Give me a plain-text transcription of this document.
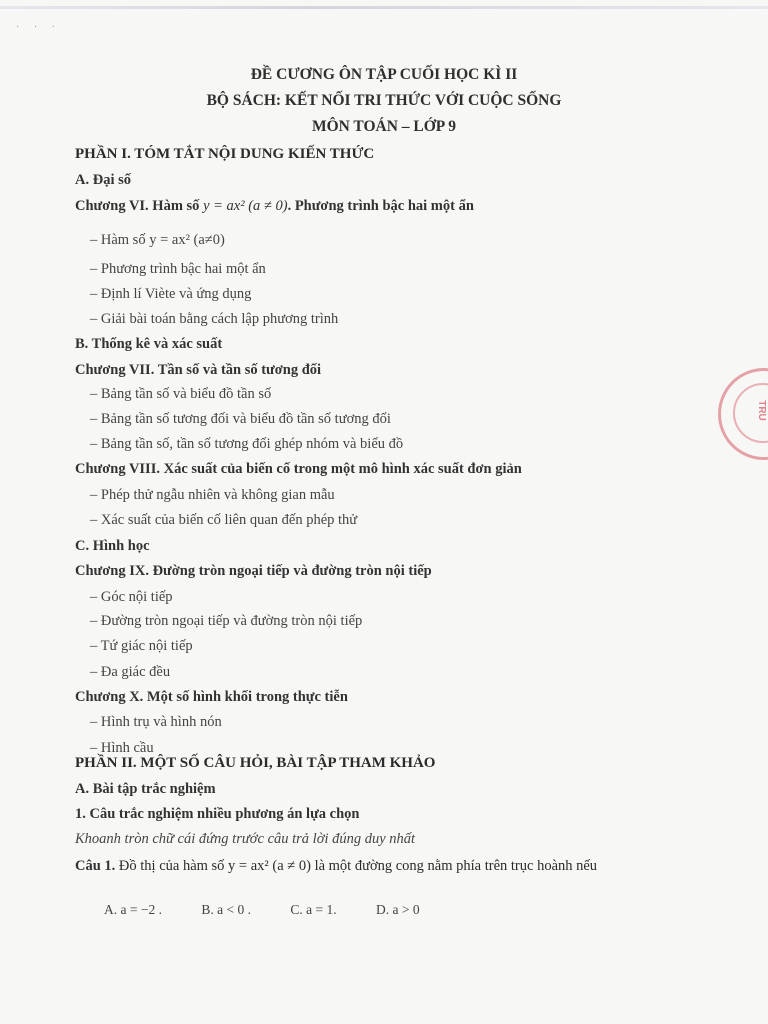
· · ·
ĐỀ CƯƠNG ÔN TẬP CUỐI HỌC KÌ II
BỘ SÁCH: KẾT NỐI TRI THỨC VỚI CUỘC SỐNG
MÔN TOÁN – LỚP 9
PHẦN I. TÓM TẮT NỘI DUNG KIẾN THỨC
A. Đại số
Chương VI. Hàm số y = ax² (a ≠ 0). Phương trình bậc hai một ẩn
– Hàm số y = ax² (a≠0)
– Phương trình bậc hai một ẩn
– Định lí Viète và ứng dụng
– Giải bài toán bằng cách lập phương trình
B. Thống kê và xác suất
Chương VII. Tần số và tần số tương đối
– Bảng tần số và biểu đồ tần số
– Bảng tần số tương đối và biểu đồ tần số tương đối
– Bảng tần số, tần số tương đối ghép nhóm và biểu đồ
Chương VIII. Xác suất của biến cố trong một mô hình xác suất đơn giản
– Phép thử ngẫu nhiên và không gian mẫu
– Xác suất của biến cố liên quan đến phép thử
C. Hình học
Chương IX. Đường tròn ngoại tiếp và đường tròn nội tiếp
– Góc nội tiếp
– Đường tròn ngoại tiếp và đường tròn nội tiếp
– Tứ giác nội tiếp
– Đa giác đều
Chương X. Một số hình khối trong thực tiễn
– Hình trụ và hình nón
– Hình cầu
PHẦN II. MỘT SỐ CÂU HỎI, BÀI TẬP THAM KHẢO
A. Bài tập trắc nghiệm
1. Câu trắc nghiệm nhiều phương án lựa chọn
Khoanh tròn chữ cái đứng trước câu trả lời đúng duy nhất
Câu 1. Đồ thị của hàm số y = ax² (a ≠ 0) là một đường cong nằm phía trên trục hoành nếu
A. a = −2 .	B. a < 0 .	C. a = 1.	D. a > 0
TRU
